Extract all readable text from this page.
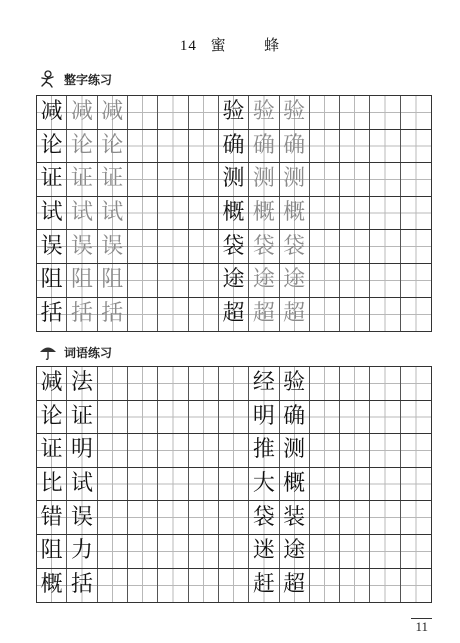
14 蜜	蜂
整字练习
减 减 减	验 验 验
论 论 论	确 确 确
证 证 证	测 测 测
试 试 试	概 概 概
误 误 误	袋 袋 袋
阻 阻 阻	途 途 途
括 括 括	超 超 超
词语练习
减 法	经 验
论 证	明 确
证 明	推 测
比 试	大 概
错 误	袋 装
阻 力	迷 途
概 括	赶 超
11
